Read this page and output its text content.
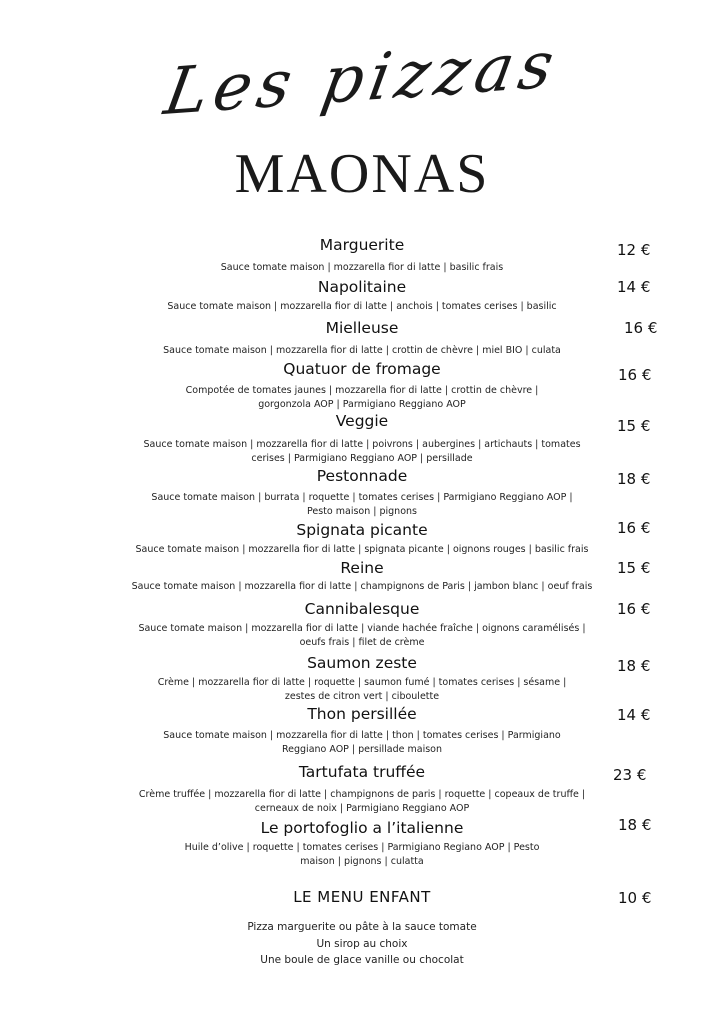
Les pizzas
MAONAS
Marguerite
Sauce tomate maison | mozzarella fior di latte | basilic frais
12 €
Napolitaine
Sauce tomate maison | mozzarella fior di latte | anchois | tomates cerises | basilic
14 €
Mielleuse
Sauce tomate maison | mozzarella fior di latte | crottin de chèvre | miel BIO | culata
16 €
Quatuor de fromage
Compotée de tomates jaunes | mozzarella fior di latte | crottin de chèvre | gorgonzola AOP | Parmigiano Reggiano AOP
16 €
Veggie
Sauce tomate maison | mozzarella fior di latte | poivrons | aubergines | artichauts | tomates cerises | Parmigiano Reggiano AOP | persillade
15 €
Pestonnade
Sauce tomate maison | burrata | roquette | tomates cerises | Parmigiano Reggiano AOP | Pesto maison | pignons
18 €
Spignata picante
Sauce tomate maison | mozzarella fior di latte | spignata picante | oignons rouges | basilic frais
16 €
Reine
Sauce tomate maison | mozzarella fior di latte | champignons de Paris | jambon blanc | oeuf frais
15 €
Cannibalesque
Sauce tomate maison | mozzarella fior di latte | viande hachée fraîche | oignons caramélisés | oeufs frais | filet de crème
16 €
Saumon zeste
Crème | mozzarella fior di latte | roquette | saumon fumé | tomates cerises | sésame | zestes de citron vert | ciboulette
18 €
Thon persillée
Sauce tomate maison | mozzarella fior di latte | thon | tomates cerises | Parmigiano Reggiano AOP | persillade maison
14 €
Tartufata truffée
Crème truffée | mozzarella fior di latte | champignons de paris | roquette | copeaux de truffe | cerneaux de noix | Parmigiano Reggiano AOP
23 €
Le portofoglio a l’italienne
Huile d’olive | roquette | tomates cerises | Parmigiano Regiano AOP | Pesto maison | pignons | culatta
18 €
LE MENU ENFANT	10 €
Pizza marguerite ou pâte à la sauce tomate
Un sirop au choix
Une boule de glace vanille ou chocolat
